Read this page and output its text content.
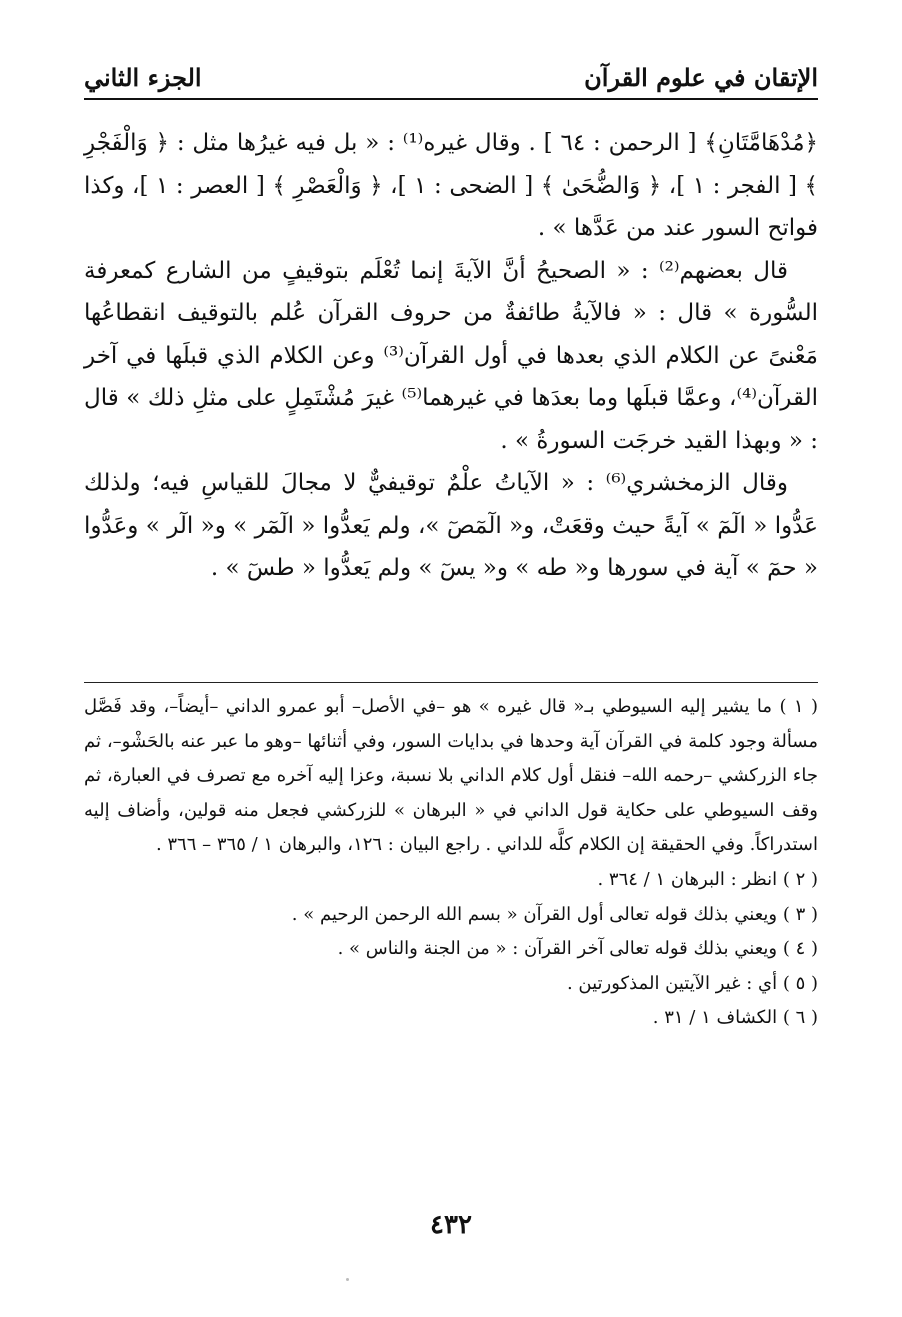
الإتقان في علوم القرآن
الجزء الثاني

﴿مُدْهَامَّتَانِ﴾ [ الرحمن : ٦٤ ] . وقال غيره⁽¹⁾ : « بل فيه غيرُها مثل : ﴿ وَالْفَجْرِ ﴾ [ الفجر : ١ ]، ﴿ وَالضُّحَىٰ ﴾ [ الضحى : ١ ]، ﴿ وَالْعَصْرِ ﴾ [ العصر : ١ ]، وكذا فواتح السور عند من عَدَّها » .

قال بعضهم⁽²⁾ : « الصحيحُ أنَّ الآيةَ إنما تُعْلَم بتوقيفٍ من الشارع كمعرفة السُّورة » قال : « فالآيةُ طائفةٌ من حروف القرآن عُلم بالتوقيف انقطاعُها مَعْنىً عن الكلام الذي بعدها في أول القرآن⁽³⁾ وعن الكلام الذي قبلَها في آخر القرآن⁽⁴⁾، وعمَّا قبلَها وما بعدَها في غيرهما⁽⁵⁾ غيرَ مُشْتَمِلٍ على مثلِ ذلك » قال : « وبهذا القيد خرجَت السورةُ » .

وقال الزمخشري⁽⁶⁾ : « الآياتُ علْمٌ توقيفيٌّ لا مجالَ للقياسِ فيه؛ ولذلك عَدُّوا « الٓمٓ » آيةً حيث وقعَتْ، و« الٓمٓصٓ »، ولم يَعدُّوا « الٓمٓر » و« الٓر » وعَدُّوا « حمٓ » آية في سورها و« طه » و« يسٓ » ولم يَعدُّوا « طسٓ » .

( ١ ) ما يشير إليه السيوطي بـ« قال غيره » هو –في الأصل– أبو عمرو الداني –أيضاً–، وقد فَصَّل مسألة وجود كلمة في القرآن آية وحدها في بدايات السور، وفي أثنائها –وهو ما عبر عنه بالحَشْو–، ثم جاء الزركشي –رحمه الله– فنقل أول كلام الداني بلا نسبة، وعزا إليه آخره مع تصرف في العبارة، ثم وقف السيوطي على حكاية قول الداني في « البرهان » للزركشي فجعل منه قولين، وأضاف إليه استدراكاً. وفي الحقيقة إن الكلام كلَّه للداني . راجع البيان : ١٢٦، والبرهان ١ / ٣٦٥ – ٣٦٦ .

( ٢ ) انظر : البرهان ١ / ٣٦٤ .

( ٣ ) ويعني بذلك قوله تعالى أول القرآن « بسم الله الرحمن الرحيم » .

( ٤ ) ويعني بذلك قوله تعالى آخر القرآن : « من الجنة والناس » .

( ٥ ) أي : غير الآيتين المذكورتين .

( ٦ ) الكشاف ١ / ٣١ .

٤٣٢
